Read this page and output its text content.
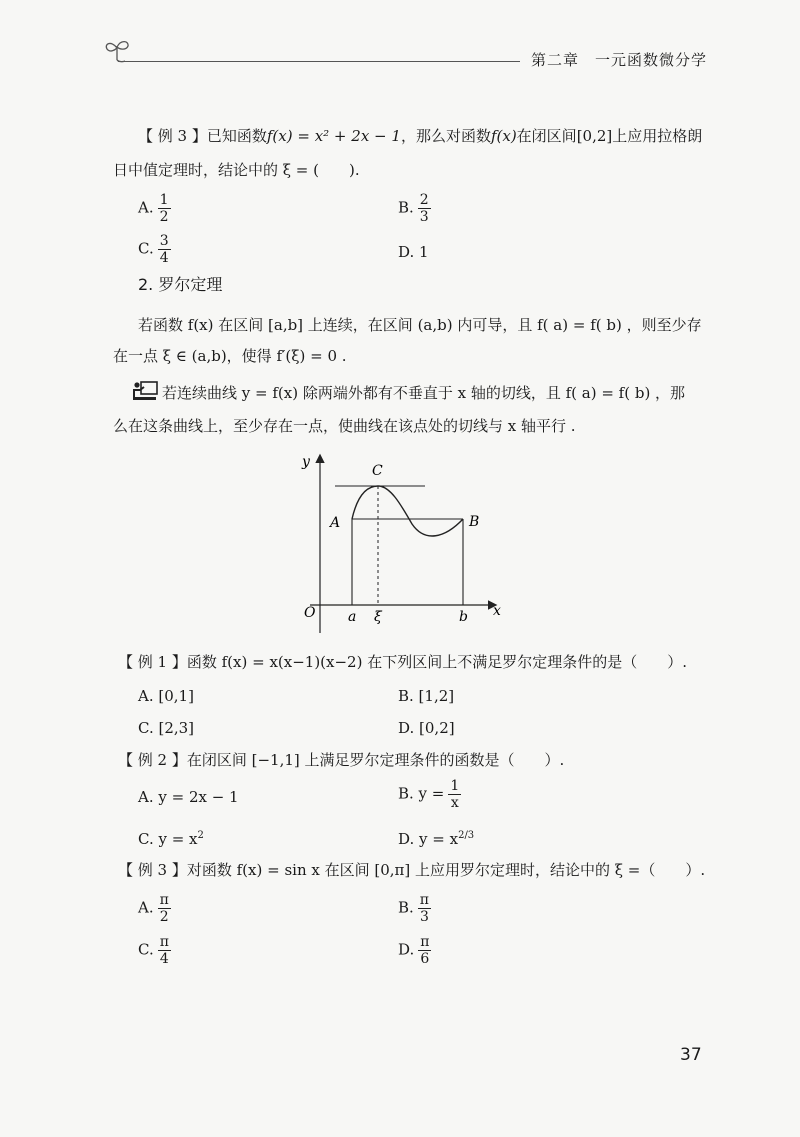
第二章　一元函数微分学
【 例 3 】已知函数f(x) = x² + 2x − 1，那么对函数f(x)在闭区间[0,2]上应用拉格朗
日中值定理时，结论中的 ξ = (　　).
A. $\frac{1}{2}$	B. $\frac{2}{3}$
C. $\frac{3}{4}$	D. 1
2. 罗尔定理
若函数 f(x) 在区间 [a,b] 上连续，在区间 (a,b) 内可导，且 f( a) = f( b) ，则至少存
在一点 ξ ∈ (a,b)，使得 f′(ξ) = 0 .
若连续曲线 y = f(x) 除两端外都有不垂直于 x 轴的切线，且 f( a) = f( b) ，那
么在这条曲线上，至少存在一点，使曲线在该点处的切线与 x 轴平行 .
y
x
O a ξ	b
A	B
C
【 例 1 】函数 f(x) = x(x−1)(x−2) 在下列区间上不满足罗尔定理条件的是（　　）.
A. [0,1]	B. [1,2]
C. [2,3]	D. [0,2]
【 例 2 】在闭区间 [−1,1] 上满足罗尔定理条件的函数是（　　）.
A. y = 2x − 1	B. $y = \frac{1}{x}$
C. $y = x^2$	D. $y = x^{2/3}$
【 例 3 】对函数 f(x) = sin x 在区间 [0,π] 上应用罗尔定理时，结论中的 ξ =（　　）.
A. $\frac{\pi}{2}$	B. $\frac{\pi}{3}$
C. $\frac{\pi}{4}$	D. $\frac{\pi}{6}$
37
